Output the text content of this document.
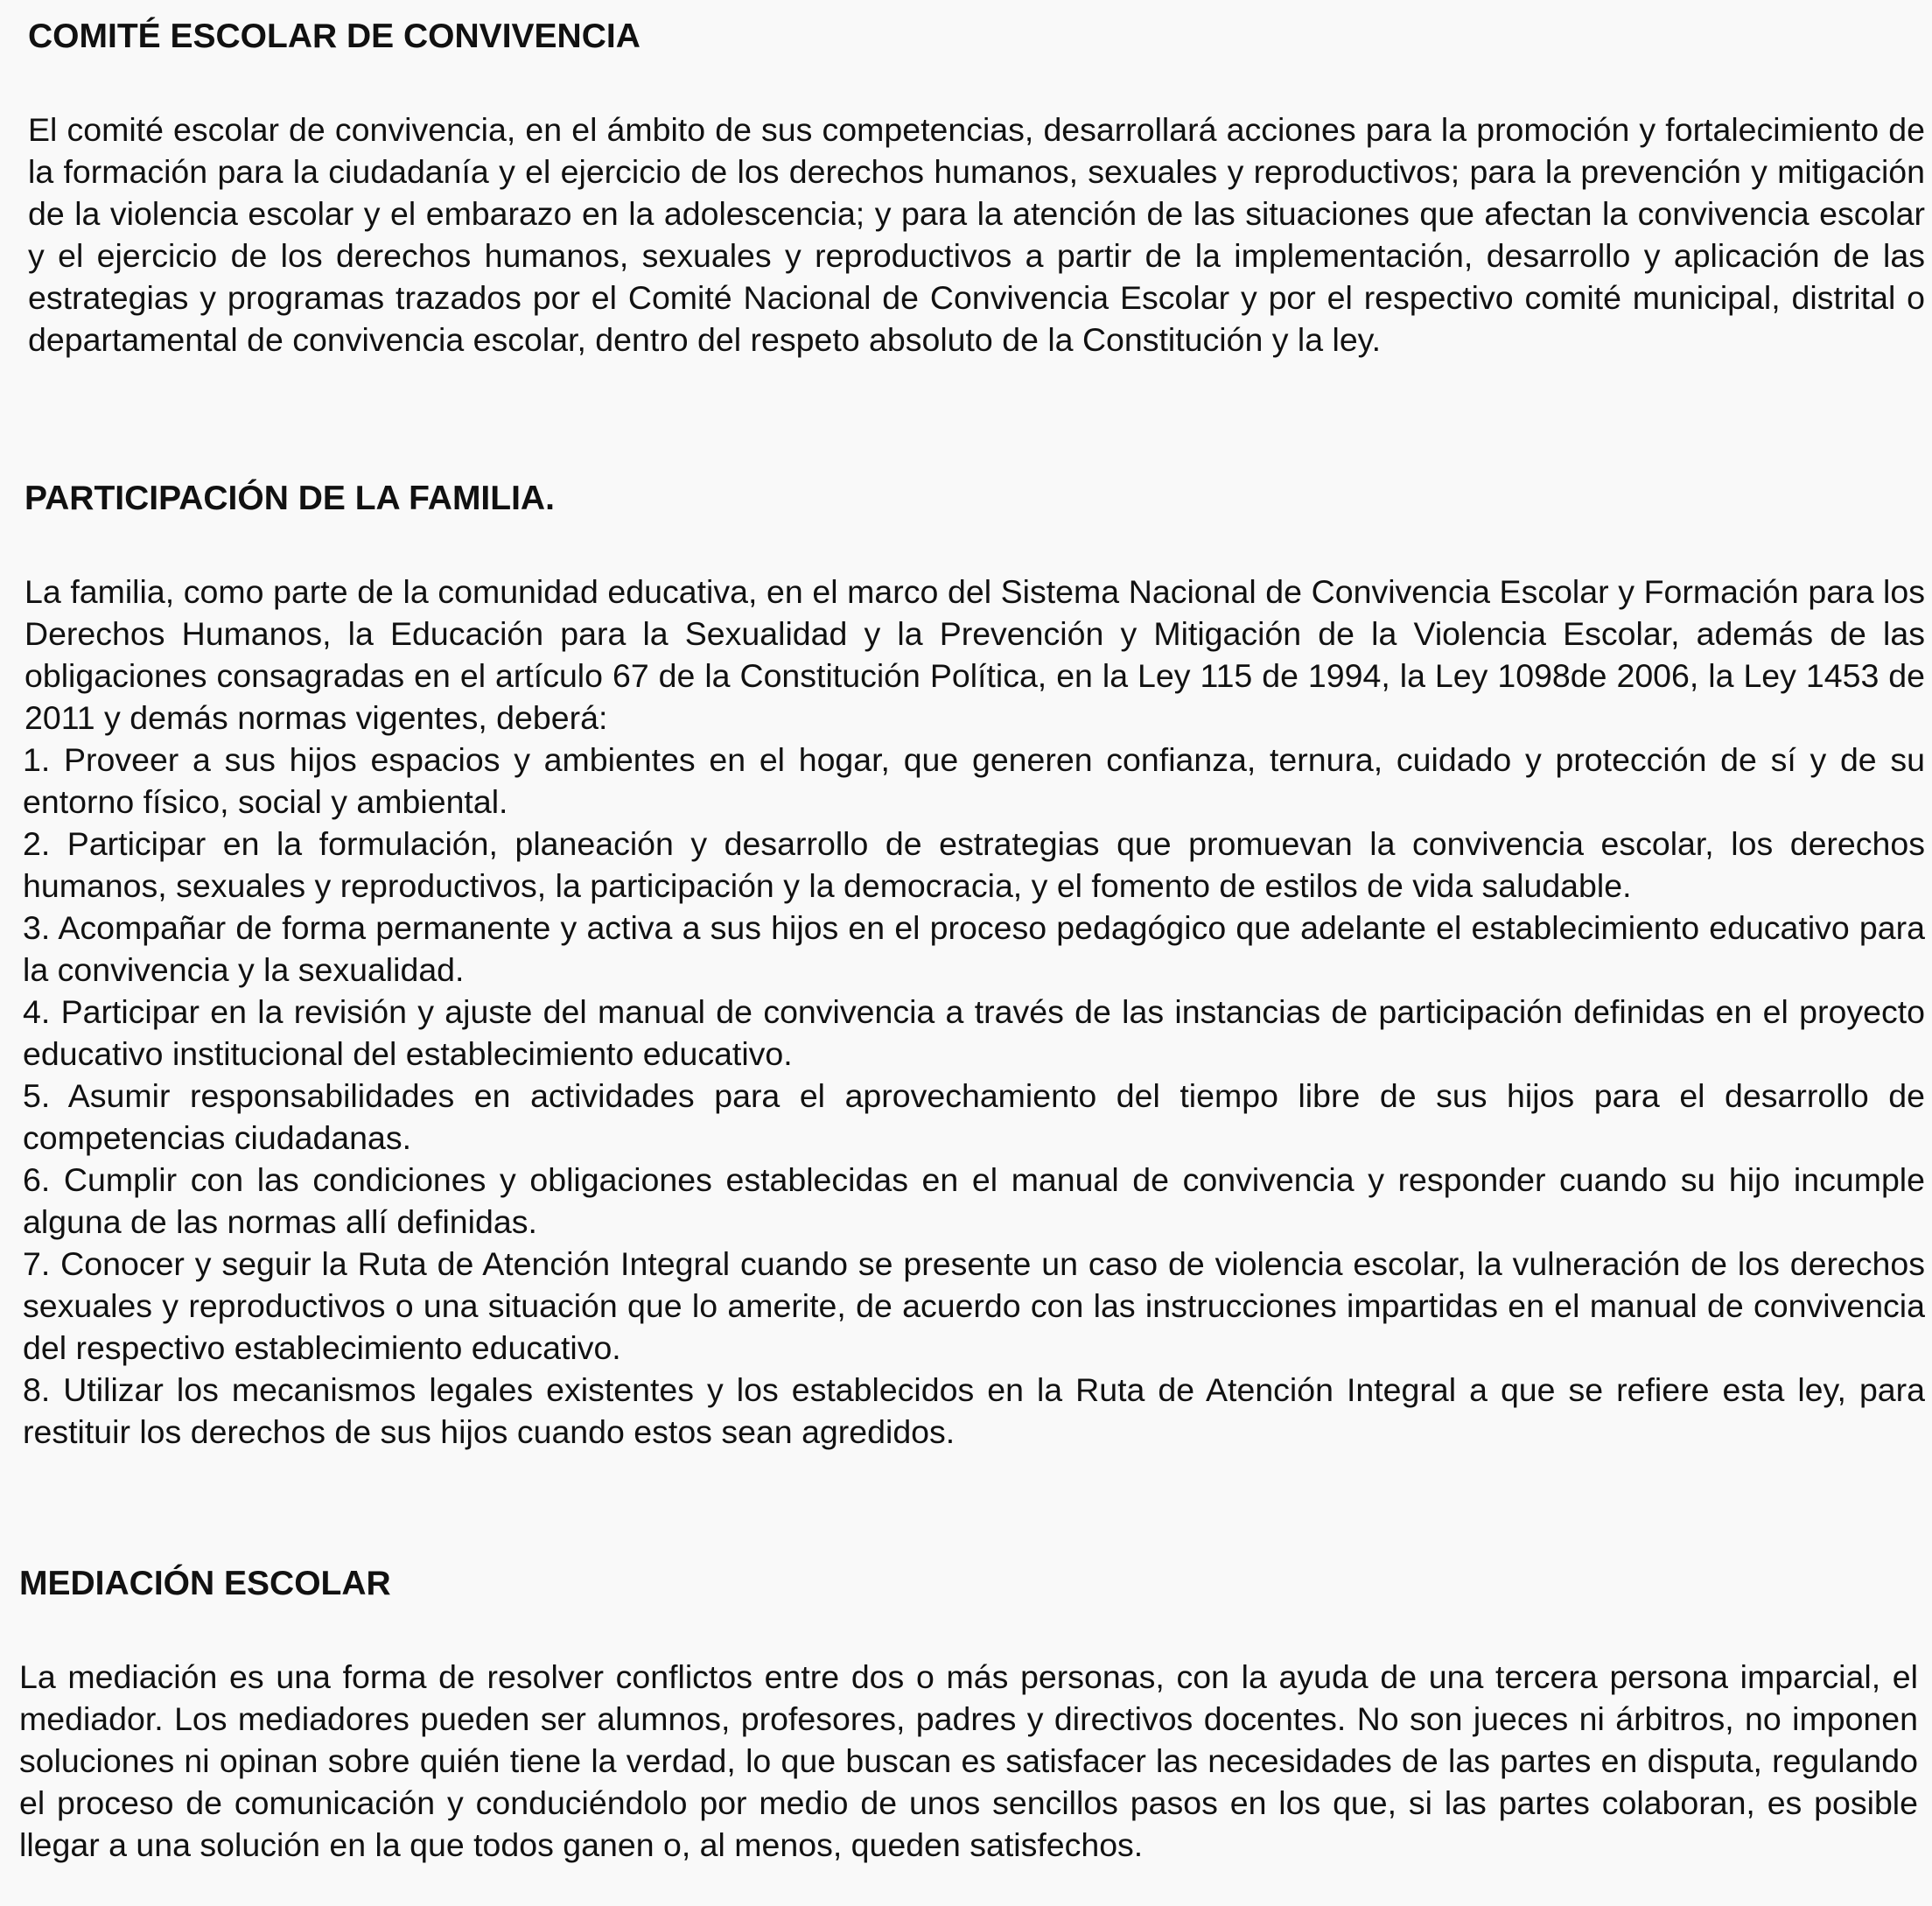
COMITÉ ESCOLAR DE CONVIVENCIA

El comité escolar de convivencia, en el ámbito de sus competencias, desarrollará acciones para la promoción y fortalecimiento de la formación para la ciudadanía y el ejercicio de los derechos humanos, sexuales y reproductivos; para la prevención y mitigación de la violencia escolar y el embarazo en la adolescencia; y para la atención de las situaciones que afectan la convivencia escolar y el ejercicio de los derechos humanos, sexuales y reproductivos a partir de la implementación, desarrollo y aplicación de las estrategias y programas trazados por el Comité Nacional de Convivencia Escolar y por el respectivo comité municipal, distrital o departamental de convivencia escolar, dentro del respeto absoluto de la Constitución y la ley.

PARTICIPACIÓN DE LA FAMILIA.

La familia, como parte de la comunidad educativa, en el marco del Sistema Nacional de Convivencia Escolar y Formación para los Derechos Humanos, la Educación para la Sexualidad y la Prevención y Mitigación de la Violencia Escolar, además de las obligaciones consagradas en el artículo 67 de la Constitución Política, en la Ley 115 de 1994, la Ley 1098de 2006, la Ley 1453 de 2011 y demás normas vigentes, deberá:

1. Proveer a sus hijos espacios y ambientes en el hogar, que generen confianza, ternura, cuidado y protección de sí y de su entorno físico, social y ambiental.

2. Participar en la formulación, planeación y desarrollo de estrategias que promuevan la convivencia escolar, los derechos humanos, sexuales y reproductivos, la participación y la democracia, y el fomento de estilos de vida saludable.

3. Acompañar de forma permanente y activa a sus hijos en el proceso pedagógico que adelante el establecimiento educativo para la convivencia y la sexualidad.

4. Participar en la revisión y ajuste del manual de convivencia a través de las instancias de participación definidas en el proyecto educativo institucional del establecimiento educativo.

5. Asumir responsabilidades en actividades para el aprovechamiento del tiempo libre de sus hijos para el desarrollo de competencias ciudadanas.

6. Cumplir con las condiciones y obligaciones establecidas en el manual de convivencia y responder cuando su hijo incumple alguna de las normas allí definidas.

7. Conocer y seguir la Ruta de Atención Integral cuando se presente un caso de violencia escolar, la vulneración de los derechos sexuales y reproductivos o una situación que lo amerite, de acuerdo con las instrucciones impartidas en el manual de convivencia del respectivo establecimiento educativo.

8. Utilizar los mecanismos legales existentes y los establecidos en la Ruta de Atención Integral a que se refiere esta ley, para restituir los derechos de sus hijos cuando estos sean agredidos.

MEDIACIÓN ESCOLAR

La mediación es una forma de resolver conflictos entre dos o más personas, con la ayuda de una tercera persona imparcial, el mediador. Los mediadores pueden ser alumnos, profesores, padres y directivos docentes. No son jueces ni árbitros, no imponen soluciones ni opinan sobre quién tiene la verdad, lo que buscan es satisfacer las necesidades de las partes en disputa, regulando el proceso de comunicación y conduciéndolo por medio de unos sencillos pasos en los que, si las partes colaboran, es posible llegar a una solución en la que todos ganen o, al menos, queden satisfechos.
